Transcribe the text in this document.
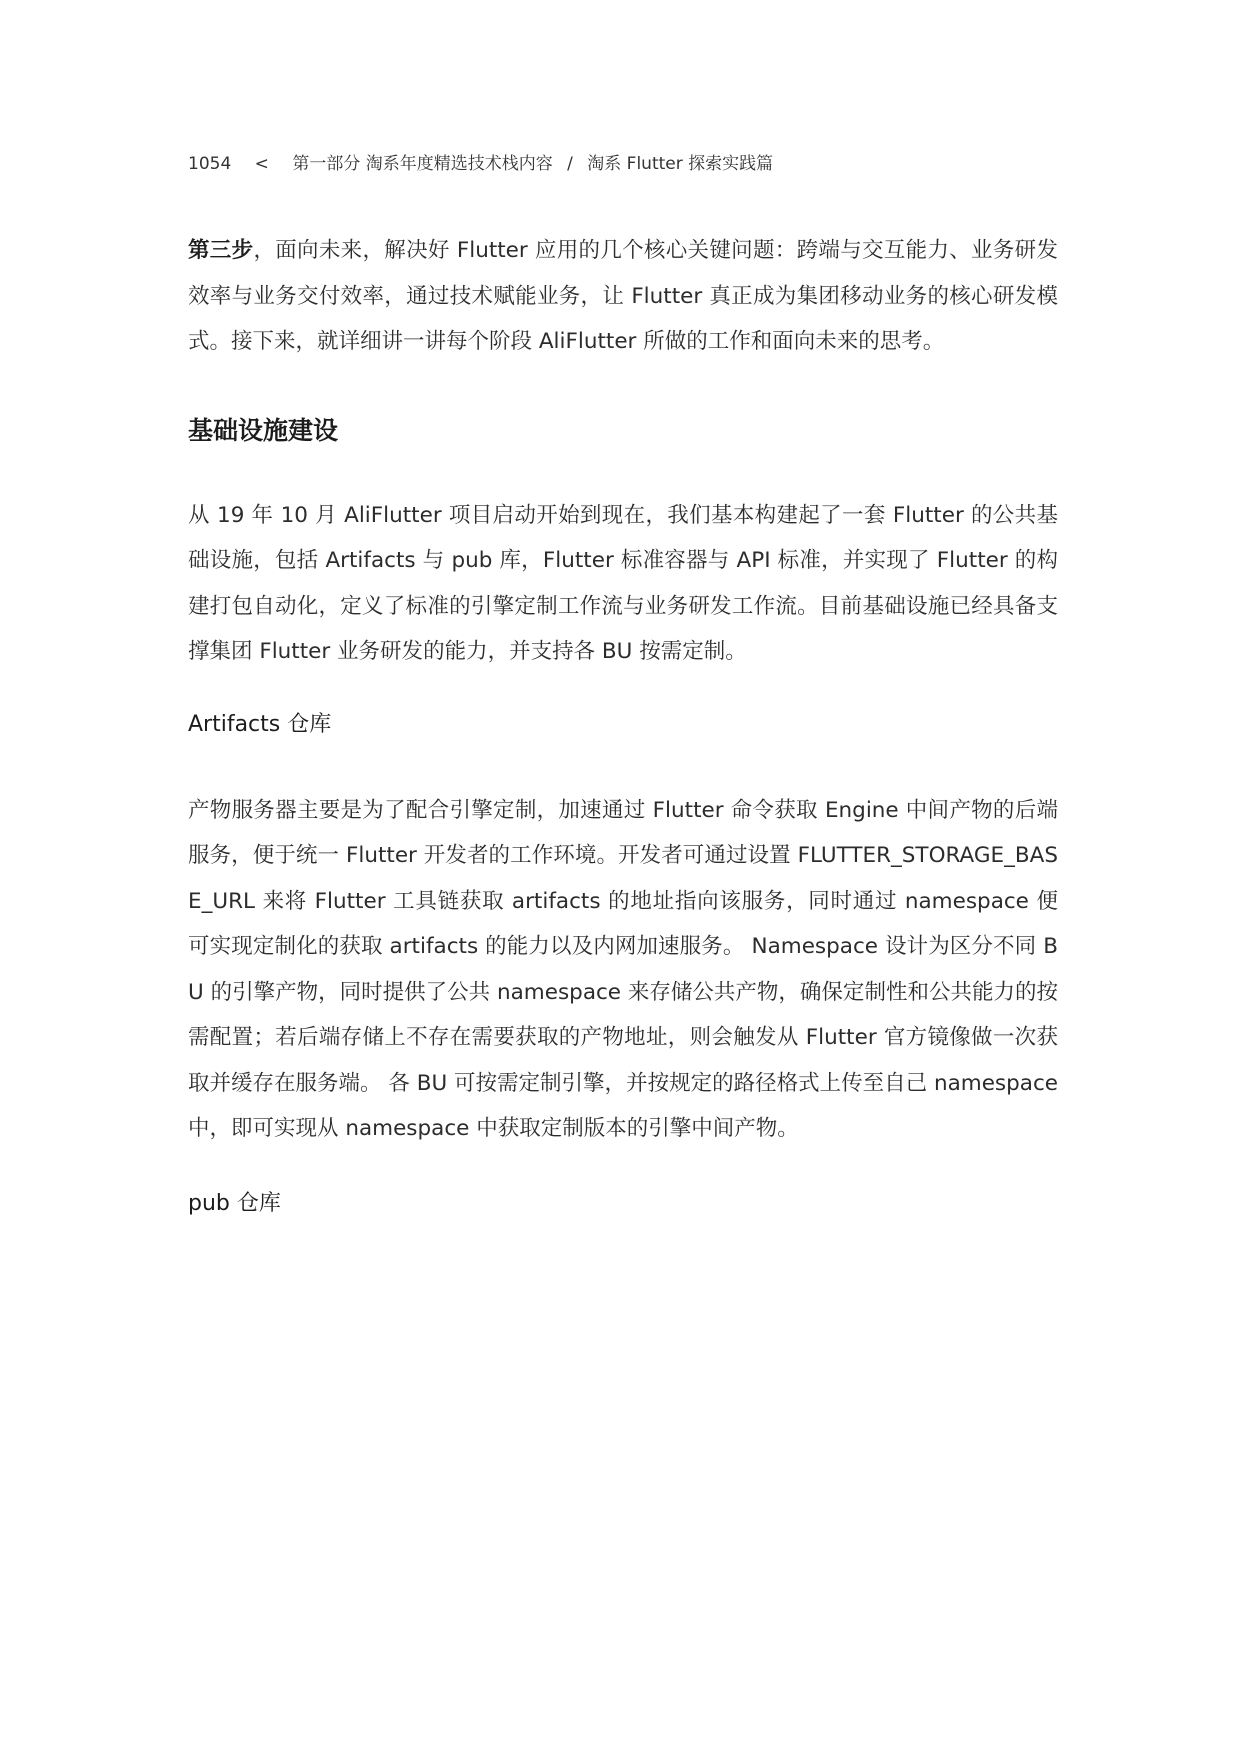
1054 < 第一部分 淘系年度精选技术栈内容 / 淘系 Flutter 探索实践篇

第三步，面向未来，解决好 Flutter 应用的几个核心关键问题：跨端与交互能力、业务研发效率与业务交付效率，通过技术赋能业务，让 Flutter 真正成为集团移动业务的核心研发模式。接下来，就详细讲一讲每个阶段 AliFlutter 所做的工作和面向未来的思考。

基础设施建设

从 19 年 10 月 AliFlutter 项目启动开始到现在，我们基本构建起了一套 Flutter 的公共基础设施，包括 Artifacts 与 pub 库，Flutter 标准容器与 API 标准，并实现了 Flutter 的构建打包自动化，定义了标准的引擎定制工作流与业务研发工作流。目前基础设施已经具备支撑集团 Flutter 业务研发的能力，并支持各 BU 按需定制。

Artifacts 仓库

产物服务器主要是为了配合引擎定制，加速通过 Flutter 命令获取 Engine 中间产物的后端服务，便于统一 Flutter 开发者的工作环境。开发者可通过设置 FLUTTER_STORAGE_BASE_URL 来将 Flutter 工具链获取 artifacts 的地址指向该服务，同时通过 namespace 便可实现定制化的获取 artifacts 的能力以及内网加速服务。 Namespace 设计为区分不同 BU 的引擎产物，同时提供了公共 namespace 来存储公共产物，确保定制性和公共能力的按需配置；若后端存储上不存在需要获取的产物地址，则会触发从 Flutter 官方镜像做一次获取并缓存在服务端。 各 BU 可按需定制引擎，并按规定的路径格式上传至自己 namespace 中，即可实现从 namespace 中获取定制版本的引擎中间产物。

pub 仓库
